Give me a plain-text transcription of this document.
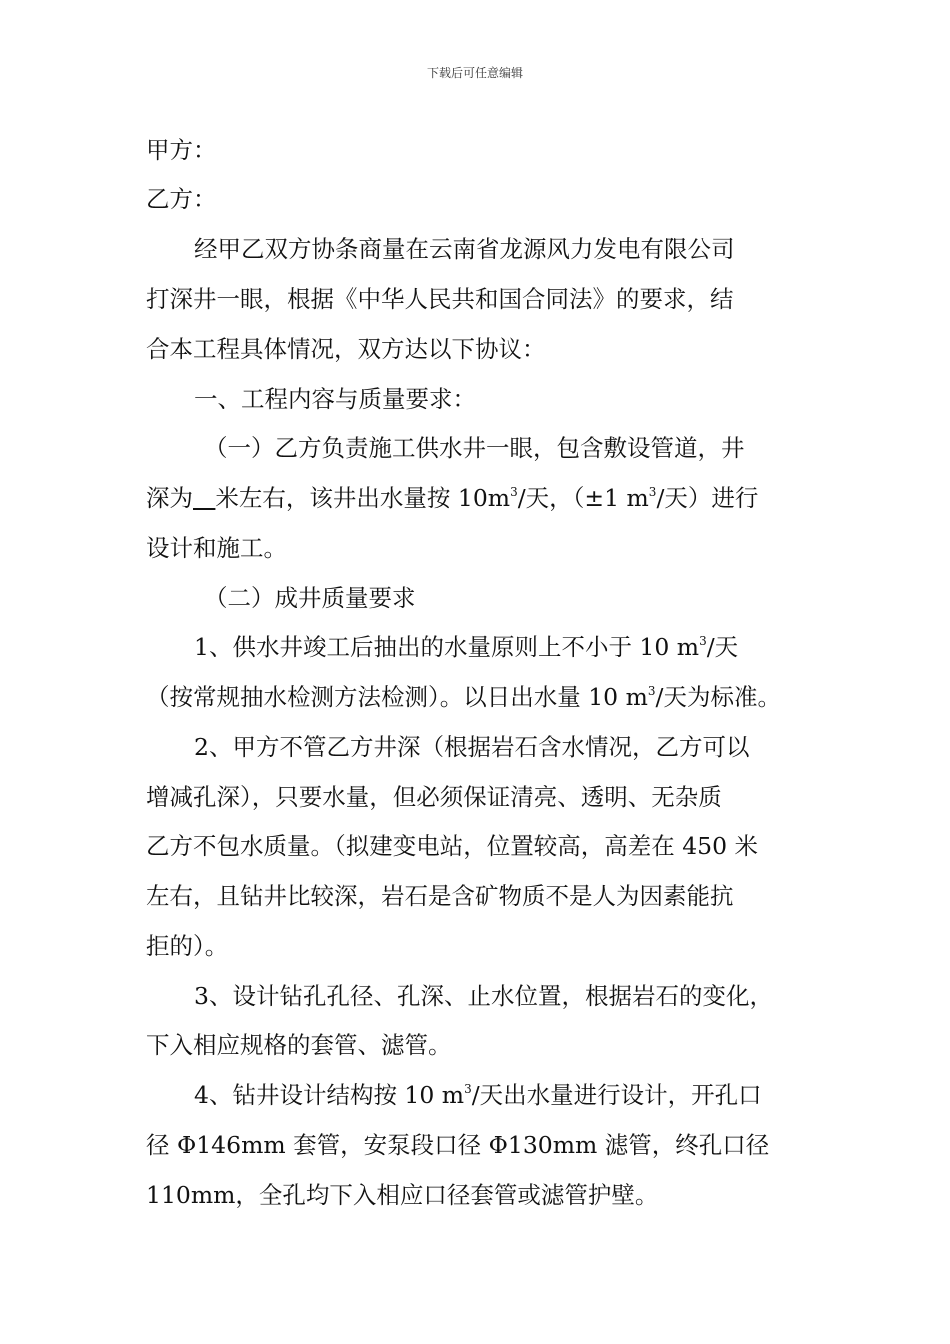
下载后可任意编辑
甲方：
乙方：
经甲乙双方协条商量在云南省龙源风力发电有限公司
打深井一眼，根据《中华人民共和国合同法》的要求，结
合本工程具体情况，双方达以下协议：
一、工程内容与质量要求：
（一）乙方负责施工供水井一眼，包含敷设管道，井
深为 米左右，该井出水量按 $10m^3/$天，（±1 $m^3/$天）进行
设计和施工。
（二）成井质量要求
1、供水井竣工后抽出的水量原则上不小于 10 $m^3/$天
（按常规抽水检测方法检测）。以日出水量 10 $m^3/$天为标准。
2、甲方不管乙方井深（根据岩石含水情况，乙方可以
增减孔深），只要水量，但必须保证清亮、透明、无杂质
乙方不包水质量。（拟建变电站，位置较高，高差在 450 米
左右，且钻井比较深，岩石是含矿物质不是人为因素能抗
拒的）。
3、设计钻孔孔径、孔深、止水位置，根据岩石的变化，
下入相应规格的套管、滤管。
4、钻井设计结构按 10 $m^3/$天出水量进行设计，开孔口
径 Φ146mm 套管，安泵段口径 Φ130mm 滤管，终孔口径
110mm，全孔均下入相应口径套管或滤管护壁。
